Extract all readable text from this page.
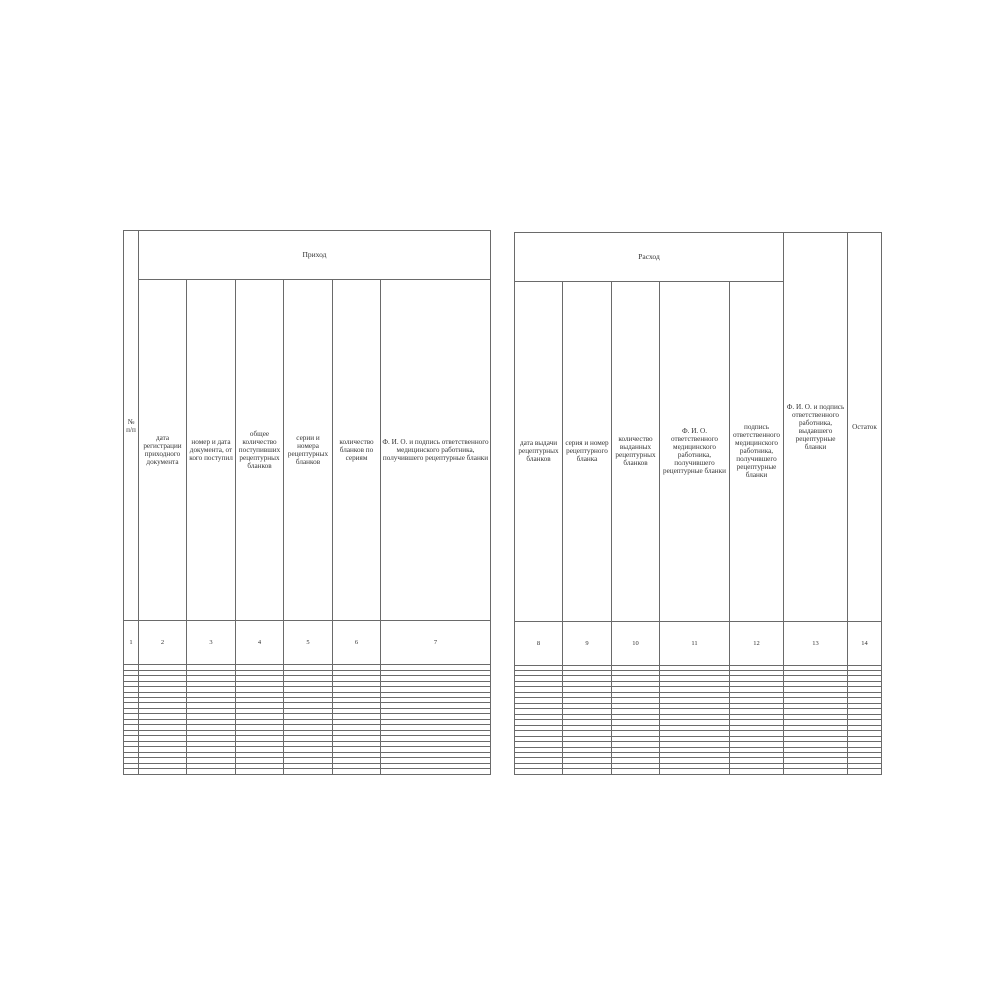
№ п/п	Приход					
	дата регистрации приходного документа	номер и дата документа, от кого поступил	общее количество поступивших рецептурных бланков	серии и номера рецептурных бланков	количество бланков по сериям	Ф. И. О. и подпись ответственного медицинского работника, получившего рецептурные бланки
1	2	3	4	5	6	7

Расход					Ф. И. О. и подпись ответственного работника, выдавшего рецептурные бланки	Остаток
дата выдачи рецептурных бланков	серия и номер рецептурного бланка	количество выданных рецептурных бланков	Ф. И. О. ответственного медицинского работника, получившего рецептурные бланки	подпись ответственного медицинского работника, получившего рецептурные бланки		
8	9	10	11	12	13	14
